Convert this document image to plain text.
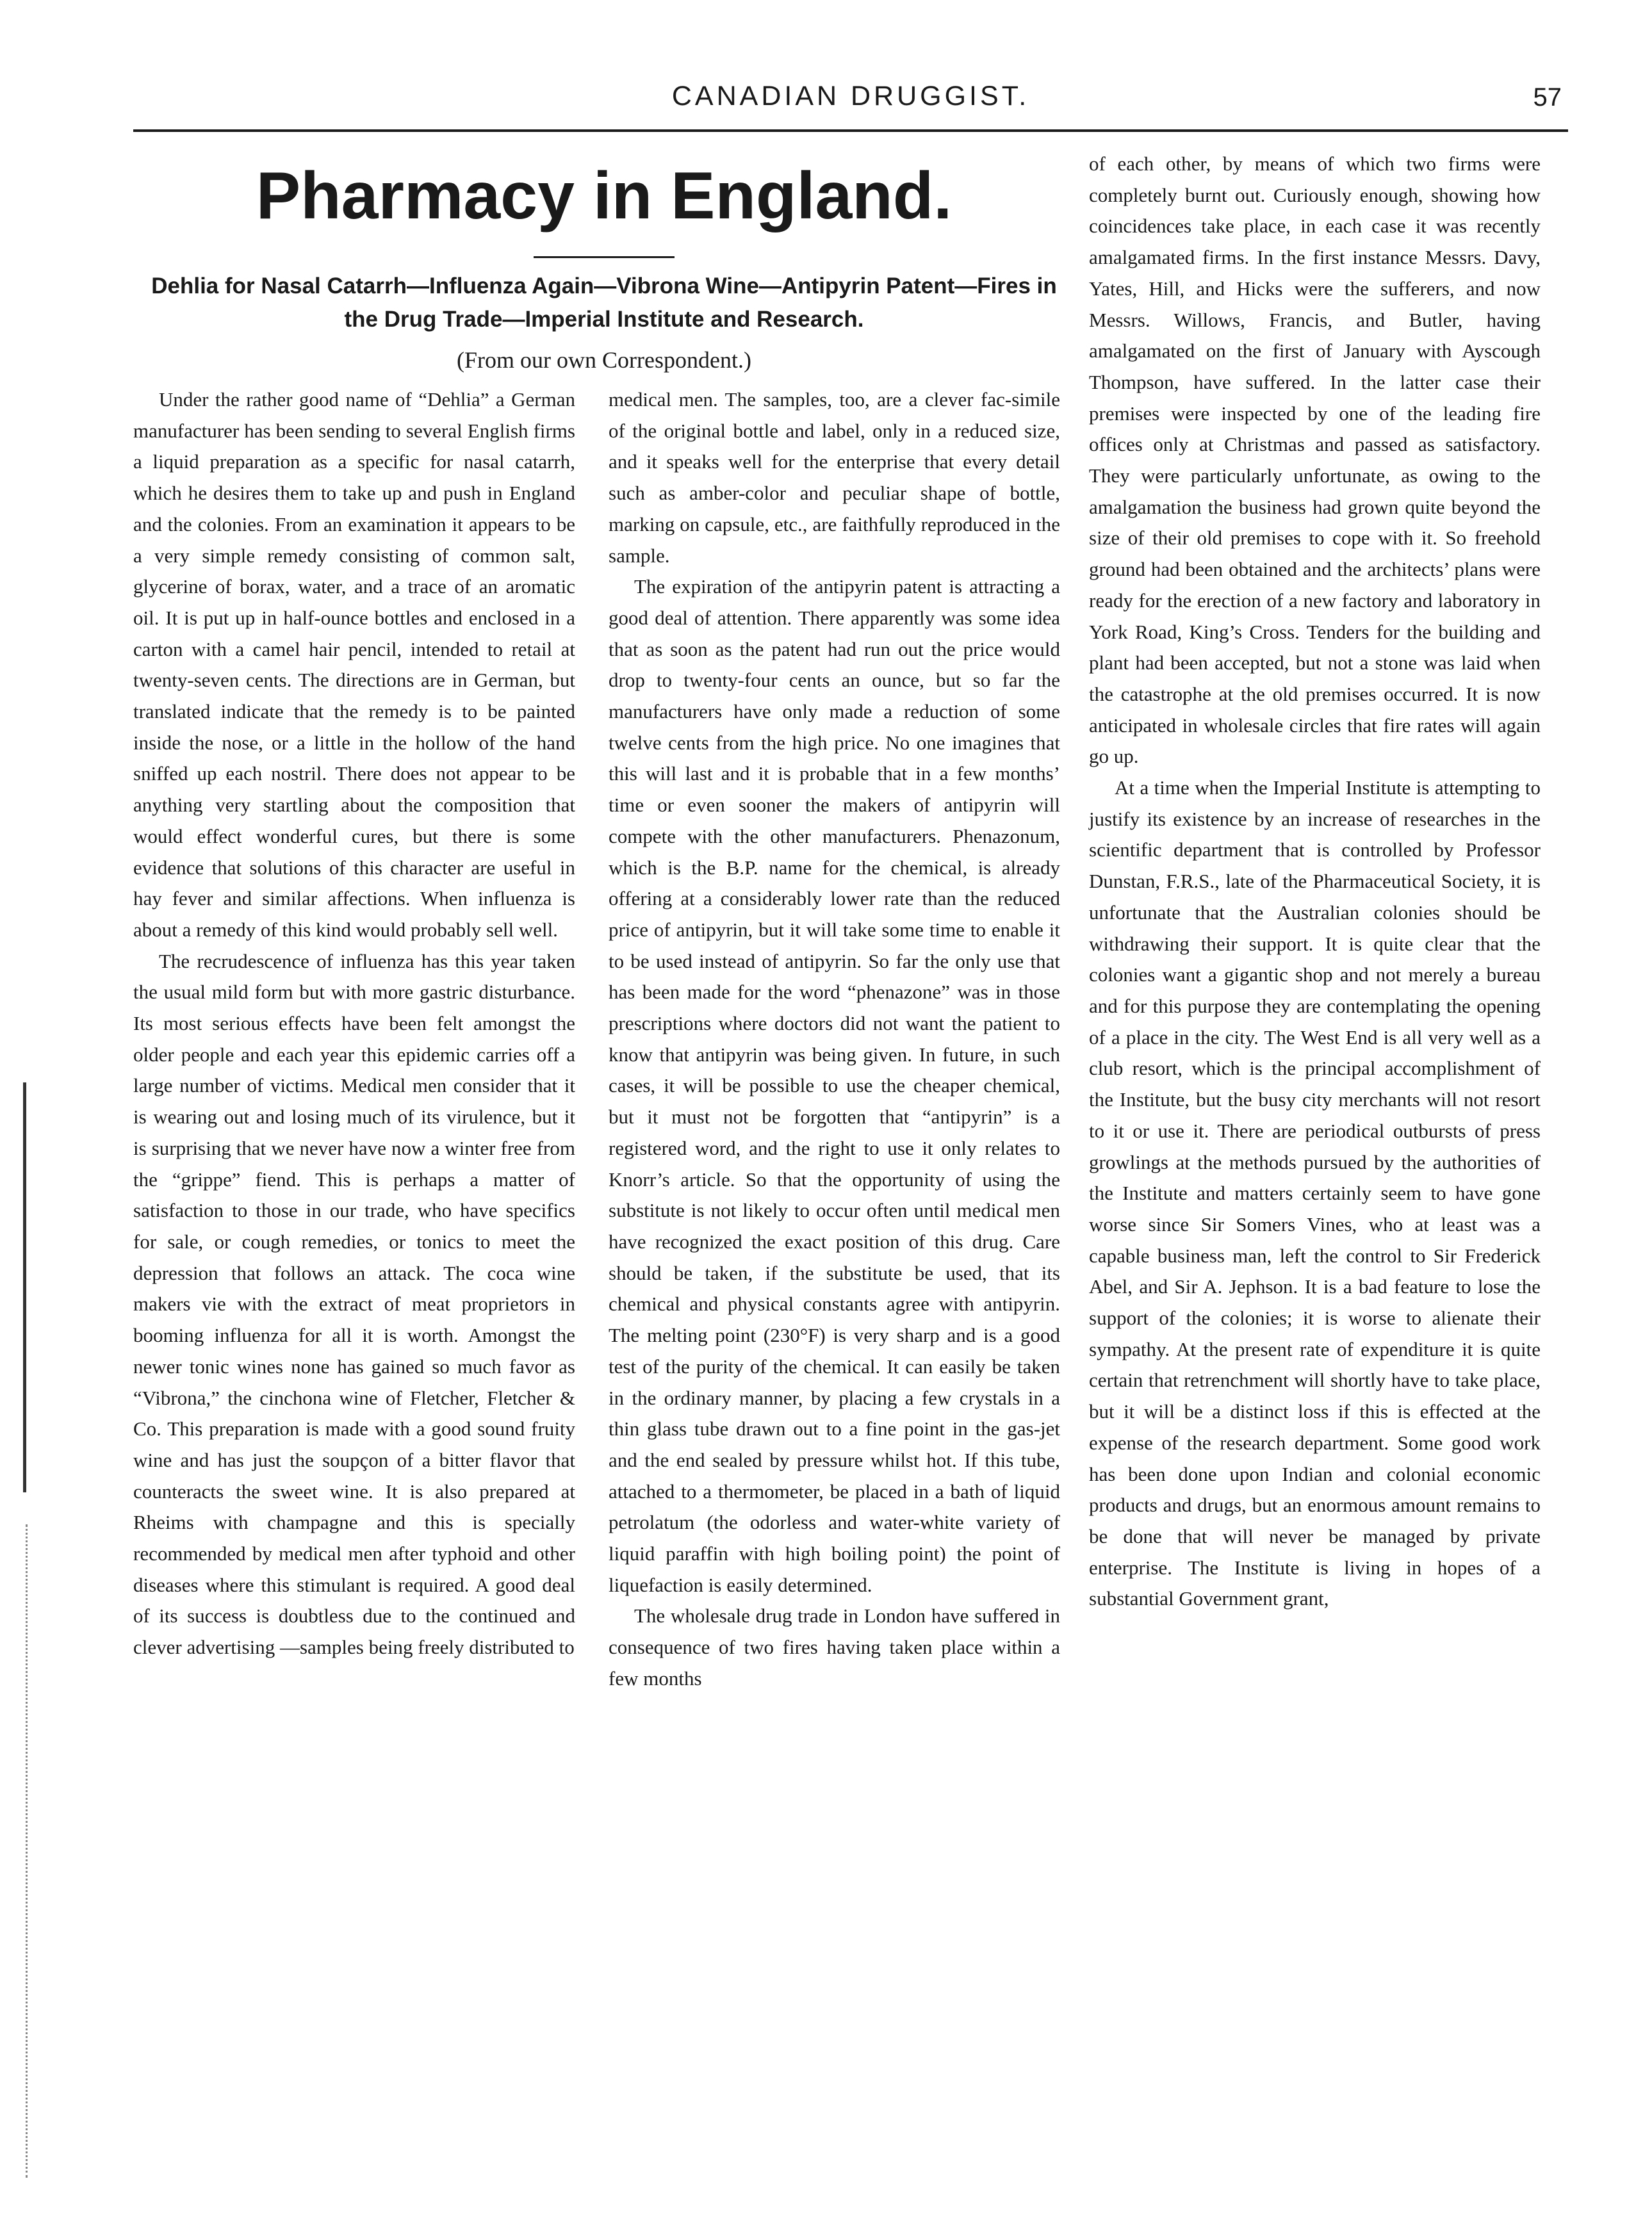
CANADIAN DRUGGIST.	57
Pharmacy in England.

Dehlia for Nasal Catarrh—Influenza Again—Vibrona Wine—Antipyrin Patent—Fires in the Drug Trade—Imperial Institute and Research.

(From our own Correspondent.)

Under the rather good name of “Dehlia” a German manufacturer has been sending to several English firms a liquid preparation as a specific for nasal catarrh, which he desires them to take up and push in England and the colonies. From an examination it appears to be a very simple remedy consisting of common salt, glycerine of borax, water, and a trace of an aromatic oil. It is put up in half-ounce bottles and enclosed in a carton with a camel hair pencil, intended to retail at twenty-seven cents. The directions are in German, but translated indicate that the remedy is to be painted inside the nose, or a little in the hollow of the hand sniffed up each nostril. There does not appear to be anything very startling about the composition that would effect wonderful cures, but there is some evidence that solutions of this character are useful in hay fever and similar affections. When influenza is about a remedy of this kind would probably sell well.

The recrudescence of influenza has this year taken the usual mild form but with more gastric disturbance. Its most serious effects have been felt amongst the older people and each year this epidemic carries off a large number of victims. Medical men consider that it is wearing out and losing much of its virulence, but it is surprising that we never have now a winter free from the “grippe” fiend. This is perhaps a matter of satisfaction to those in our trade, who have specifics for sale, or cough remedies, or tonics to meet the depression that follows an attack. The coca wine makers vie with the extract of meat proprietors in booming influenza for all it is worth. Amongst the newer tonic wines none has gained so much favor as “Vibrona,” the cinchona wine of Fletcher, Fletcher & Co. This preparation is made with a good sound fruity wine and has just the soupçon of a bitter flavor that counteracts the sweet wine. It is also prepared at Rheims with champagne and this is specially recommended by medical men after typhoid and other diseases where this stimulant is required. A good deal of its success is doubtless due to the continued and clever advertising —samples being freely distributed to

medical men. The samples, too, are a clever fac-simile of the original bottle and label, only in a reduced size, and it speaks well for the enterprise that every detail such as amber-color and peculiar shape of bottle, marking on capsule, etc., are faithfully reproduced in the sample.

The expiration of the antipyrin patent is attracting a good deal of attention. There apparently was some idea that as soon as the patent had run out the price would drop to twenty-four cents an ounce, but so far the manufacturers have only made a reduction of some twelve cents from the high price. No one imagines that this will last and it is probable that in a few months’ time or even sooner the makers of antipyrin will compete with the other manufacturers. Phenazonum, which is the B.P. name for the chemical, is already offering at a considerably lower rate than the reduced price of antipyrin, but it will take some time to enable it to be used instead of antipyrin. So far the only use that has been made for the word “phenazone” was in those prescriptions where doctors did not want the patient to know that antipyrin was being given. In future, in such cases, it will be possible to use the cheaper chemical, but it must not be forgotten that “antipyrin” is a registered word, and the right to use it only relates to Knorr’s article. So that the opportunity of using the substitute is not likely to occur often until medical men have recognized the exact position of this drug. Care should be taken, if the substitute be used, that its chemical and physical constants agree with antipyrin. The melting point (230°F) is very sharp and is a good test of the purity of the chemical. It can easily be taken in the ordinary manner, by placing a few crystals in a thin glass tube drawn out to a fine point in the gas-jet and the end sealed by pressure whilst hot. If this tube, attached to a thermometer, be placed in a bath of liquid petrolatum (the odorless and water-white variety of liquid paraffin with high boiling point) the point of liquefaction is easily determined.

The wholesale drug trade in London have suffered in consequence of two fires having taken place within a few months

of each other, by means of which two firms were completely burnt out. Curiously enough, showing how coincidences take place, in each case it was recently amalgamated firms. In the first instance Messrs. Davy, Yates, Hill, and Hicks were the sufferers, and now Messrs. Willows, Francis, and Butler, having amalgamated on the first of January with Ayscough Thompson, have suffered. In the latter case their premises were inspected by one of the leading fire offices only at Christmas and passed as satisfactory. They were particularly unfortunate, as owing to the amalgamation the business had grown quite beyond the size of their old premises to cope with it. So freehold ground had been obtained and the architects’ plans were ready for the erection of a new factory and laboratory in York Road, King’s Cross. Tenders for the building and plant had been accepted, but not a stone was laid when the catastrophe at the old premises occurred. It is now anticipated in wholesale circles that fire rates will again go up.

At a time when the Imperial Institute is attempting to justify its existence by an increase of researches in the scientific department that is controlled by Professor Dunstan, F.R.S., late of the Pharmaceutical Society, it is unfortunate that the Australian colonies should be withdrawing their support. It is quite clear that the colonies want a gigantic shop and not merely a bureau and for this purpose they are contemplating the opening of a place in the city. The West End is all very well as a club resort, which is the principal accomplishment of the Institute, but the busy city merchants will not resort to it or use it. There are periodical outbursts of press growlings at the methods pursued by the authorities of the Institute and matters certainly seem to have gone worse since Sir Somers Vines, who at least was a capable business man, left the control to Sir Frederick Abel, and Sir A. Jephson. It is a bad feature to lose the support of the colonies; it is worse to alienate their sympathy. At the present rate of expenditure it is quite certain that retrenchment will shortly have to take place, but it will be a distinct loss if this is effected at the expense of the research department. Some good work has been done upon Indian and colonial economic products and drugs, but an enormous amount remains to be done that will never be managed by private enterprise. The Institute is living in hopes of a substantial Government grant,
